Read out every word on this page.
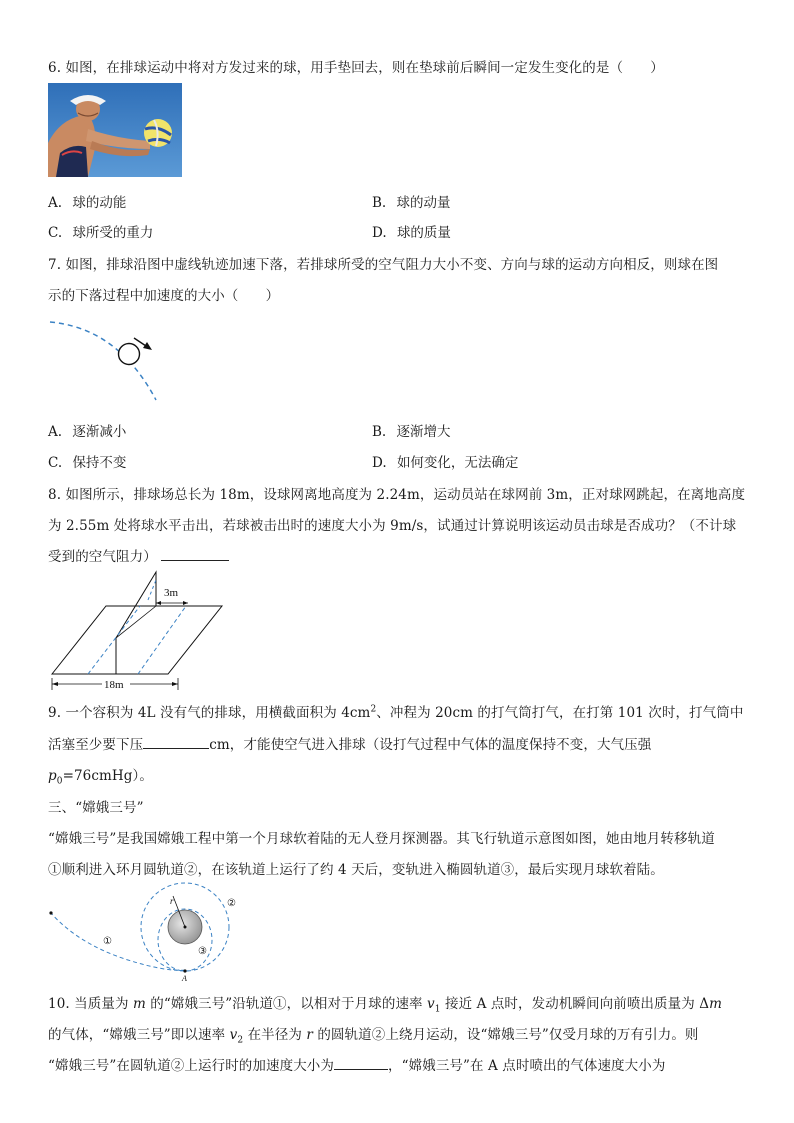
6. 如图，在排球运动中将对方发过来的球，用手垫回去，则在垫球前后瞬间一定发生变化的是（　　）
A. 球的动能	B. 球的动量
C. 球所受的重力	D. 球的质量
7. 如图，排球沿图中虚线轨迹加速下落，若排球所受的空气阻力大小不变、方向与球的运动方向相反，则球在图
示的下落过程中加速度的大小（　　）
A. 逐渐减小	B. 逐渐增大
C. 保持不变	D. 如何变化，无法确定
8. 如图所示，排球场总长为 18m，设球网离地高度为 2.24m，运动员站在球网前 3m，正对球网跳起，在离地高度
为 2.55m 处将球水平击出，若球被击出时的速度大小为 9m/s，试通过计算说明该运动员击球是否成功？（不计球
受到的空气阻力）
3m
18m
9. 一个容积为 4L 没有气的排球，用横截面积为 $4cm^2$、冲程为 20cm 的打气筒打气，在打第 101 次时，打气筒中
活塞至少要下压	cm，才能使空气进入排球（设打气过程中气体的温度保持不变，大气压强
$p_0=76cmHg$）。
三、“嫦娥三号”
“嫦娥三号”是我国嫦娥工程中第一个月球软着陆的无人登月探测器。其飞行轨道示意图如图，她由地月转移轨道
①顺利进入环月圆轨道②，在该轨道上运行了约 4 天后，变轨进入椭圆轨道③，最后实现月球软着陆。
①
②
③
r
A
10. 当质量为 m 的“嫦娥三号”沿轨道①，以相对于月球的速率 $v_1$ 接近 A 点时，发动机瞬间向前喷出质量为 Δm
的气体，“嫦娥三号”即以速率 $v_2$ 在半径为 r 的圆轨道②上绕月运动，设“嫦娥三号”仅受月球的万有引力。则
“嫦娥三号”在圆轨道②上运行时的加速度大小为	，“嫦娥三号”在 A 点时喷出的气体速度大小为
